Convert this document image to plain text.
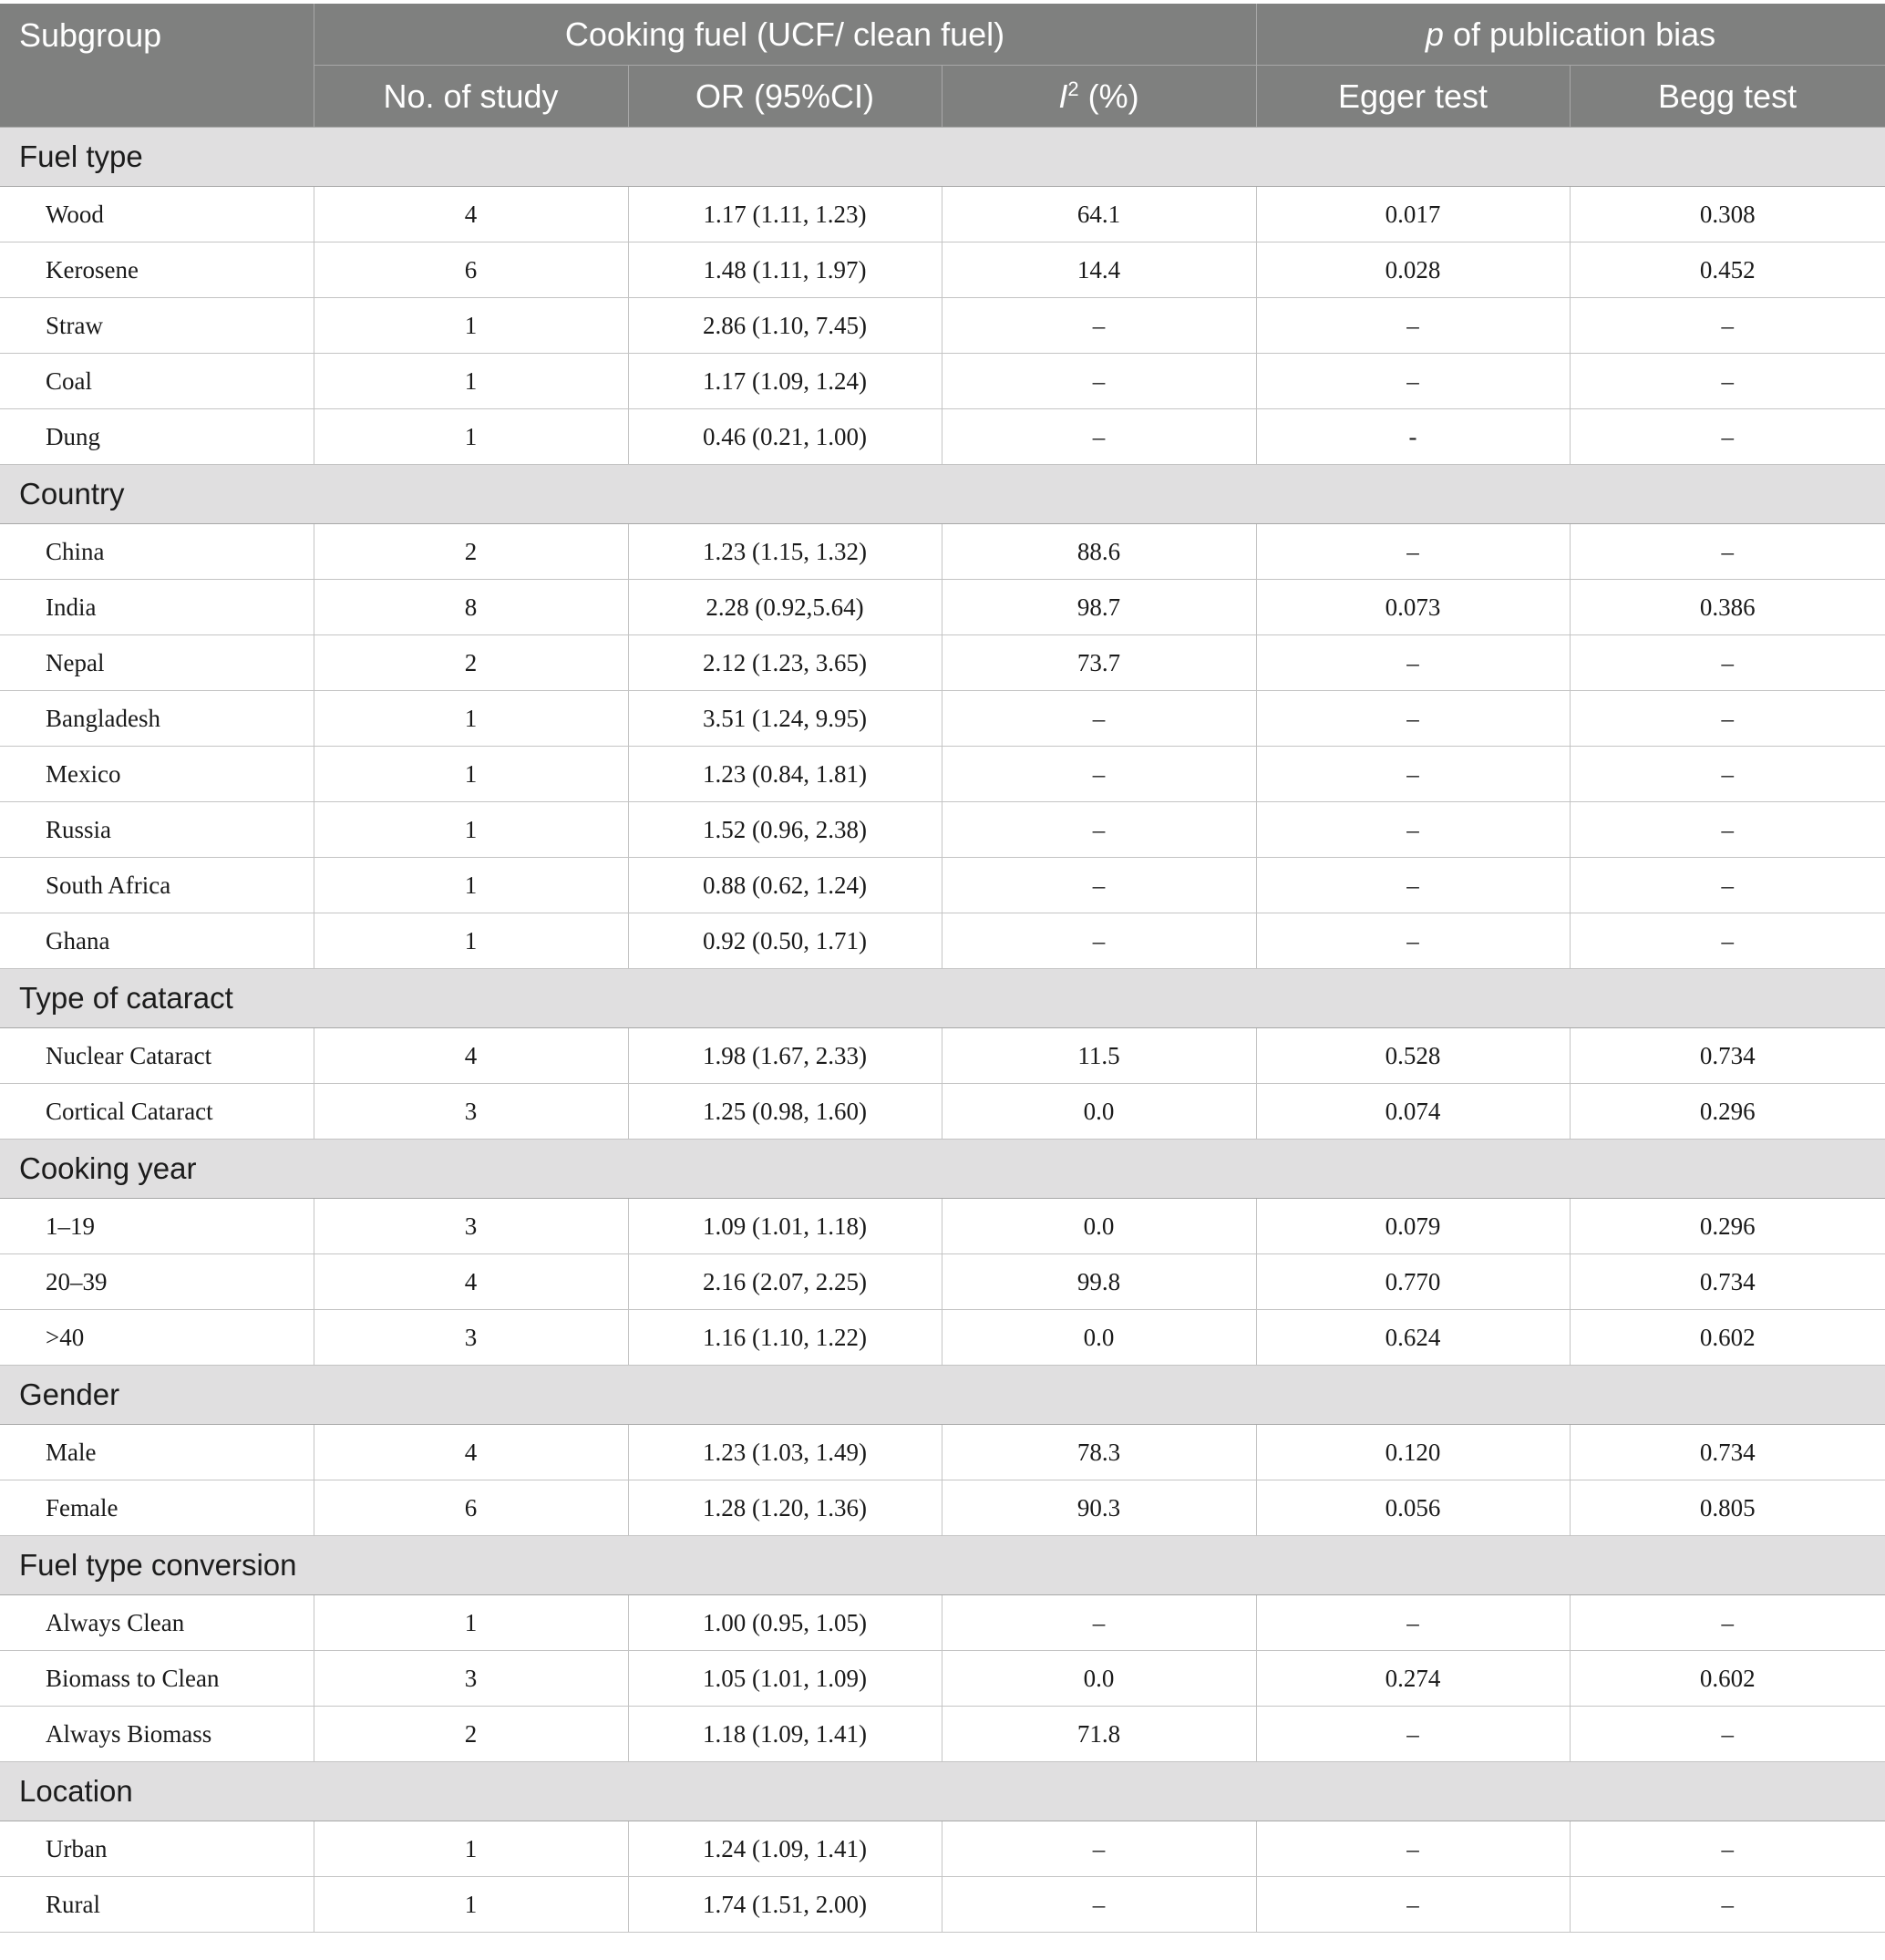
Subgroup	Cooking fuel (UCF/ clean fuel)			p of publication bias	
	No. of study	OR (95%CI)	$I^2$ (%)	Egger test	Begg test
Fuel type					
Wood	4	1.17 (1.11, 1.23)	64.1	0.017	0.308
Kerosene	6	1.48 (1.11, 1.97)	14.4	0.028	0.452
Straw	1	2.86 (1.10, 7.45)	–	–	–
Coal	1	1.17 (1.09, 1.24)	–	–	–
Dung	1	0.46 (0.21, 1.00)	–	-	–
Country					
China	2	1.23 (1.15, 1.32)	88.6	–	–
India	8	2.28 (0.92,5.64)	98.7	0.073	0.386
Nepal	2	2.12 (1.23, 3.65)	73.7	–	–
Bangladesh	1	3.51 (1.24, 9.95)	–	–	–
Mexico	1	1.23 (0.84, 1.81)	–	–	–
Russia	1	1.52 (0.96, 2.38)	–	–	–
South Africa	1	0.88 (0.62, 1.24)	–	–	–
Ghana	1	0.92 (0.50, 1.71)	–	–	–
Type of cataract					
Nuclear Cataract	4	1.98 (1.67, 2.33)	11.5	0.528	0.734
Cortical Cataract	3	1.25 (0.98, 1.60)	0.0	0.074	0.296
Cooking year					
1–19	3	1.09 (1.01, 1.18)	0.0	0.079	0.296
20–39	4	2.16 (2.07, 2.25)	99.8	0.770	0.734
>40	3	1.16 (1.10, 1.22)	0.0	0.624	0.602
Gender					
Male	4	1.23 (1.03, 1.49)	78.3	0.120	0.734
Female	6	1.28 (1.20, 1.36)	90.3	0.056	0.805
Fuel type conversion					
Always Clean	1	1.00 (0.95, 1.05)	–	–	–
Biomass to Clean	3	1.05 (1.01, 1.09)	0.0	0.274	0.602
Always Biomass	2	1.18 (1.09, 1.41)	71.8	–	–
Location					
Urban	1	1.24 (1.09, 1.41)	–	–	–
Rural	1	1.74 (1.51, 2.00)	–	–	–
